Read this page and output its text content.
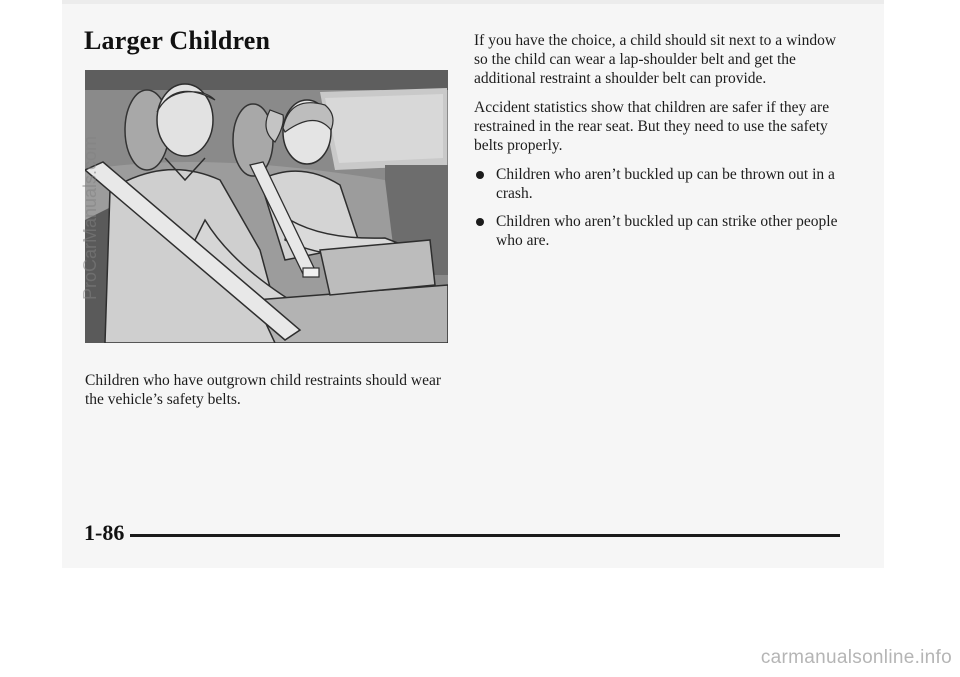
Larger Children

Children who have outgrown child restraints should wear the vehicle’s safety belts.

If you have the choice, a child should sit next to a window so the child can wear a lap-shoulder belt and get the additional restraint a shoulder belt can provide.

Accident statistics show that children are safer if they are restrained in the rear seat. But they need to use the safety belts properly.

Children who aren’t buckled up can be thrown out in a crash.
Children who aren’t buckled up can strike other people who are.
1-86
ProCarManuals.com
carmanualsonline.info
